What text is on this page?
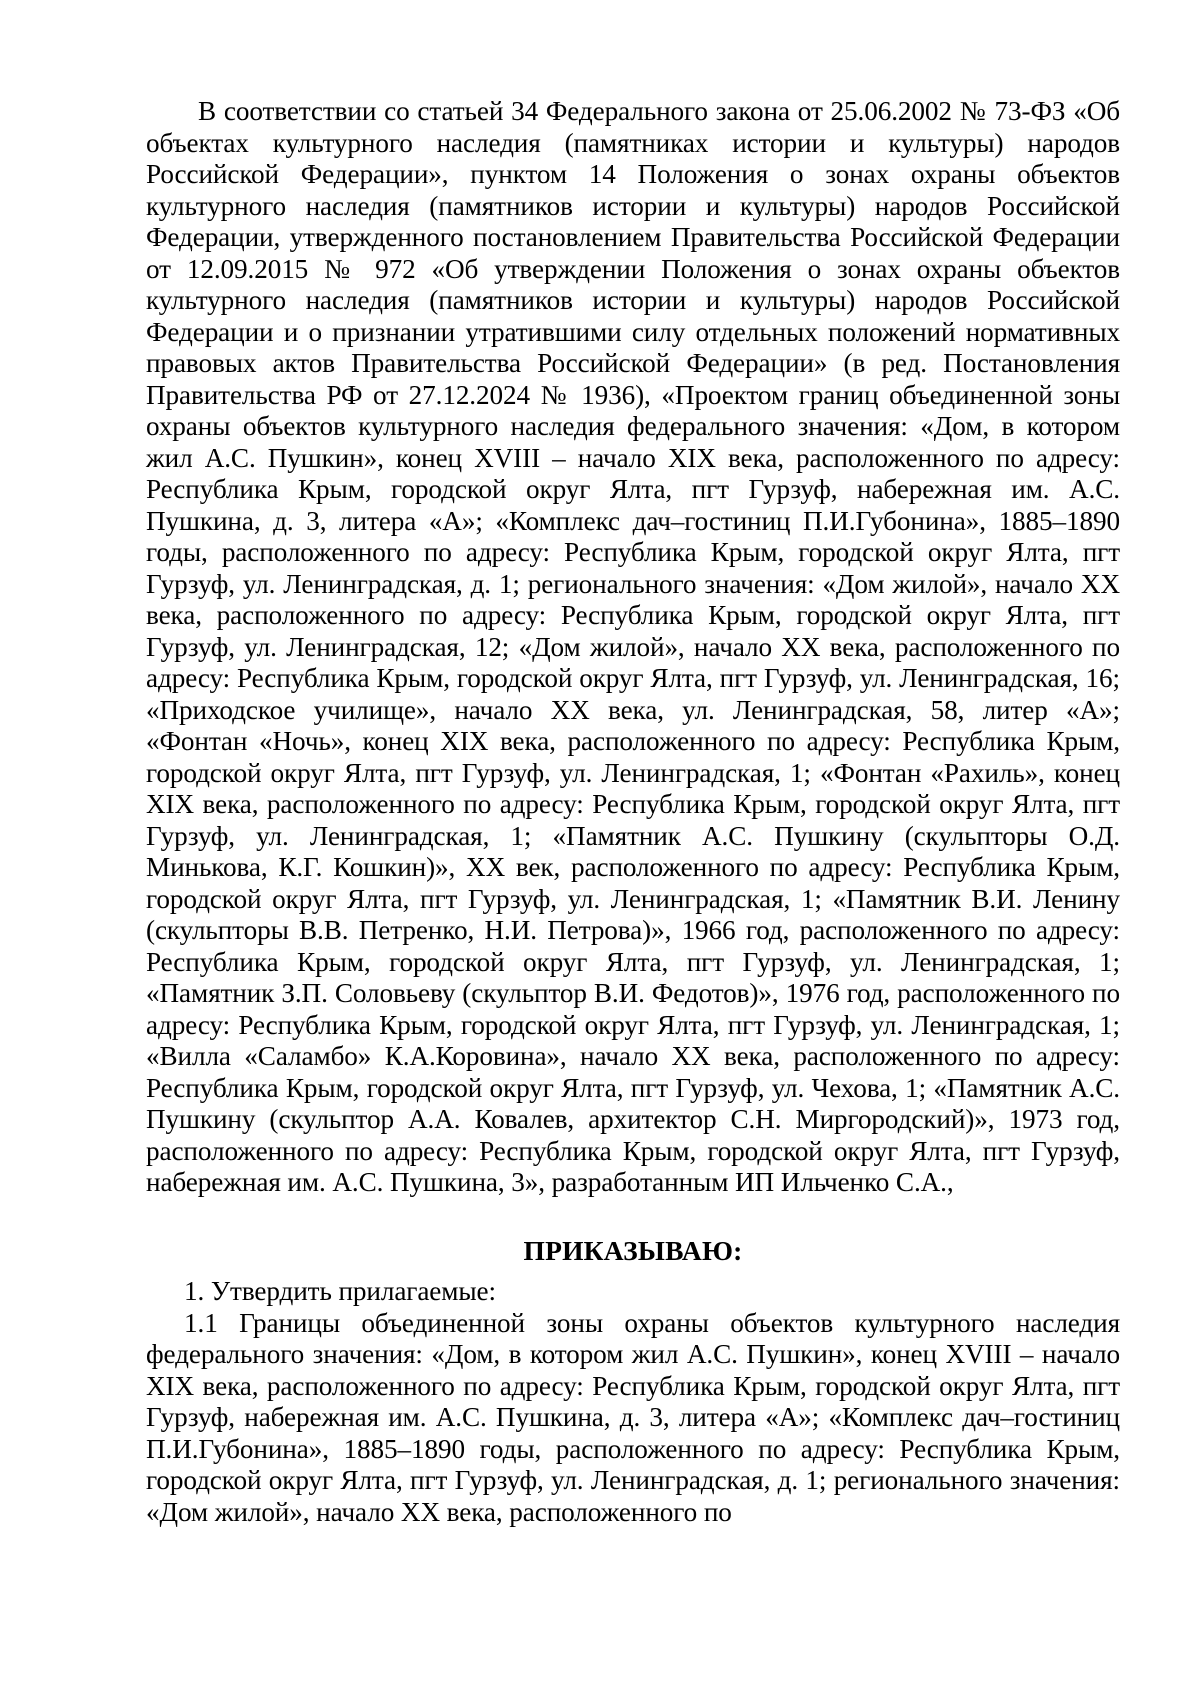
В соответствии со статьей 34 Федерального закона от 25.06.2002 № 73-ФЗ «Об объектах культурного наследия (памятниках истории и культуры) народов Российской Федерации», пунктом 14 Положения о зонах охраны объектов культурного наследия (памятников истории и культуры) народов Российской Федерации, утвержденного постановлением Правительства Российской Федерации от 12.09.2015 № 972 «Об утверждении Положения о зонах охраны объектов культурного наследия (памятников истории и культуры) народов Российской Федерации и о признании утратившими силу отдельных положений нормативных правовых актов Правительства Российской Федерации» (в ред. Постановления Правительства РФ от 27.12.2024 № 1936), «Проектом границ объединенной зоны охраны объектов культурного наследия федерального значения: «Дом, в котором жил А.С. Пушкин», конец XVIII – начало XIX века, расположенного по адресу: Республика Крым, городской округ Ялта, пгт Гурзуф, набережная им. А.С. Пушкина, д. 3, литера «А»; «Комплекс дач–гостиниц П.И.Губонина», 1885–1890 годы, расположенного по адресу: Республика Крым, городской округ Ялта, пгт Гурзуф, ул. Ленинградская, д. 1; регионального значения: «Дом жилой», начало XX века, расположенного по адресу: Республика Крым, городской округ Ялта, пгт Гурзуф, ул. Ленинградская, 12; «Дом жилой», начало XX века, расположенного по адресу: Республика Крым, городской округ Ялта, пгт Гурзуф, ул. Ленинградская, 16; «Приходское училище», начало XX века, ул. Ленинградская, 58, литер «А»; «Фонтан «Ночь», конец XIX века, расположенного по адресу: Республика Крым, городской округ Ялта, пгт Гурзуф, ул. Ленинградская, 1; «Фонтан «Рахиль», конец XIX века, расположенного по адресу: Республика Крым, городской округ Ялта, пгт Гурзуф, ул. Ленинградская, 1; «Памятник А.С. Пушкину (скульпторы О.Д. Минькова, К.Г. Кошкин)», XX век, расположенного по адресу: Республика Крым, городской округ Ялта, пгт Гурзуф, ул. Ленинградская, 1; «Памятник В.И. Ленину (скульпторы В.В. Петренко, Н.И. Петрова)», 1966 год, расположенного по адресу: Республика Крым, городской округ Ялта, пгт Гурзуф, ул. Ленинградская, 1; «Памятник З.П. Соловьеву (скульптор В.И. Федотов)», 1976 год, расположенного по адресу: Республика Крым, городской округ Ялта, пгт Гурзуф, ул. Ленинградская, 1; «Вилла «Саламбо» К.А.Коровина», начало XX века, расположенного по адресу: Республика Крым, городской округ Ялта, пгт Гурзуф, ул. Чехова, 1; «Памятник А.С. Пушкину (скульптор А.А. Ковалев, архитектор С.Н. Миргородский)», 1973 год, расположенного по адресу: Республика Крым, городской округ Ялта, пгт Гурзуф, набережная им. А.С. Пушкина, 3», разработанным ИП Ильченко С.А.,

ПРИКАЗЫВАЮ:

1. Утвердить прилагаемые:

1.1 Границы объединенной зоны охраны объектов культурного наследия федерального значения: «Дом, в котором жил А.С. Пушкин», конец XVIII – начало XIX века, расположенного по адресу: Республика Крым, городской округ Ялта, пгт Гурзуф, набережная им. А.С. Пушкина, д. 3, литера «А»; «Комплекс дач–гостиниц П.И.Губонина», 1885–1890 годы, расположенного по адресу: Республика Крым, городской округ Ялта, пгт Гурзуф, ул. Ленинградская, д. 1; регионального значения: «Дом жилой», начало XX века, расположенного по
